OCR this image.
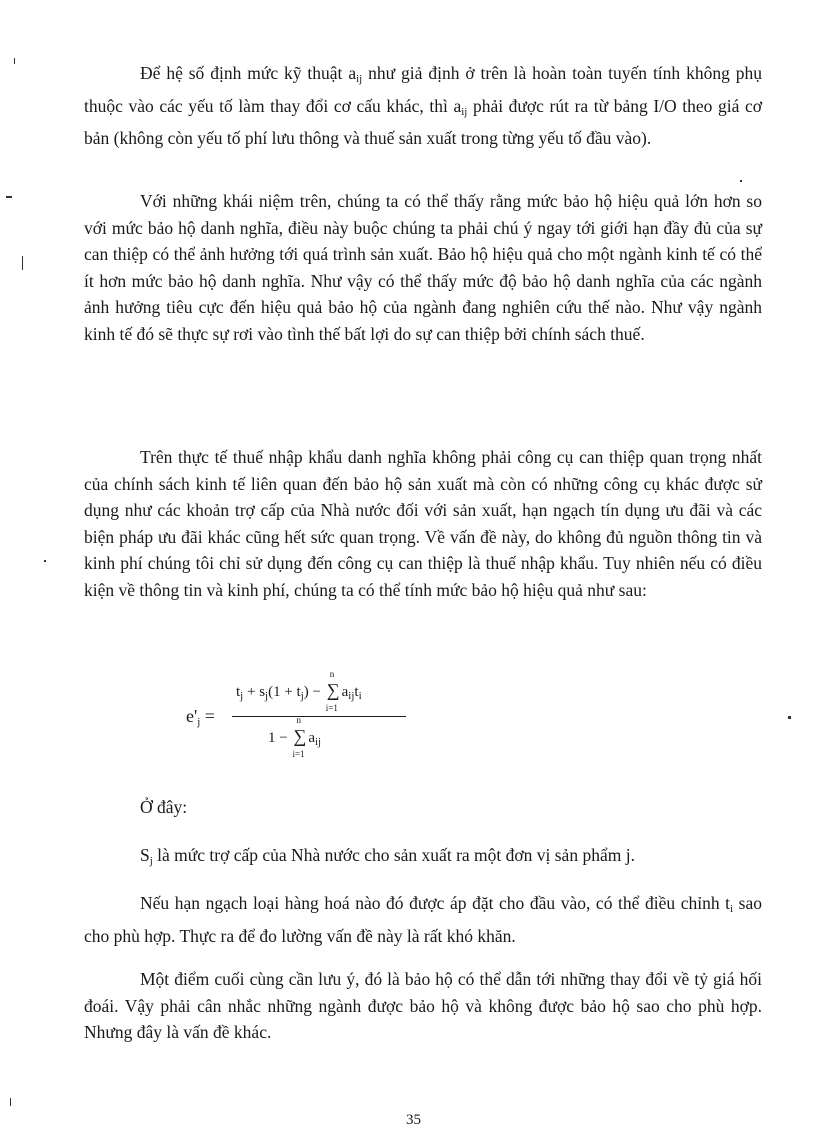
Để hệ số định mức kỹ thuật $a_{ij}$ như giả định ở trên là hoàn toàn tuyến tính không phụ thuộc vào các yếu tố làm thay đổi cơ cấu khác, thì $a_{ij}$ phải được rút ra từ bảng I/O theo giá cơ bản (không còn yếu tố phí lưu thông và thuế sản xuất trong từng yếu tố đầu vào).

Với những khái niệm trên, chúng ta có thể thấy rằng mức bảo hộ hiệu quả lớn hơn so với mức bảo hộ danh nghĩa, điều này buộc chúng ta phải chú ý ngay tới giới hạn đầy đủ của sự can thiệp có thể ảnh hưởng tới quá trình sản xuất. Bảo hộ hiệu quả cho một ngành kinh tế có thể ít hơn mức bảo hộ danh nghĩa. Như vậy có thể thấy mức độ bảo hộ danh nghĩa của các ngành ảnh hưởng tiêu cực đến hiệu quả bảo hộ của ngành đang nghiên cứu thế nào. Như vậy ngành kinh tế đó sẽ thực sự rơi vào tình thế bất lợi do sự can thiệp bởi chính sách thuế.

Trên thực tế thuế nhập khẩu danh nghĩa không phải công cụ can thiệp quan trọng nhất của chính sách kinh tế liên quan đến bảo hộ sản xuất mà còn có những công cụ khác được sử dụng như các khoản trợ cấp của Nhà nước đối với sản xuất, hạn ngạch tín dụng ưu đãi và các biện pháp ưu đãi khác cũng hết sức quan trọng. Về vấn đề này, do không đủ nguồn thông tin và kinh phí chúng tôi chỉ sử dụng đến công cụ can thiệp là thuế nhập khẩu. Tuy nhiên nếu có điều kiện về thông tin và kinh phí, chúng ta có thể tính mức bảo hộ hiệu quả như sau:

$e'_j$ =
$t_j + s_j(1 + t_j)$ −
n
∑
i=1
$a_{ij}t_i$
1 −
n
∑
i=1
$a_{ij}$

Ở đây:

$S_j$ là mức trợ cấp của Nhà nước cho sản xuất ra một đơn vị sản phẩm j.

Nếu hạn ngạch loại hàng hoá nào đó được áp đặt cho đầu vào, có thể điều chỉnh $t_i$ sao cho phù hợp. Thực ra để đo lường vấn đề này là rất khó khăn.

Một điểm cuối cùng cần lưu ý, đó là bảo hộ có thể dẫn tới những thay đổi về tỷ giá hối đoái. Vậy phải cân nhắc những ngành được bảo hộ và không được bảo hộ sao cho phù hợp. Nhưng đây là vấn đề khác.

35
